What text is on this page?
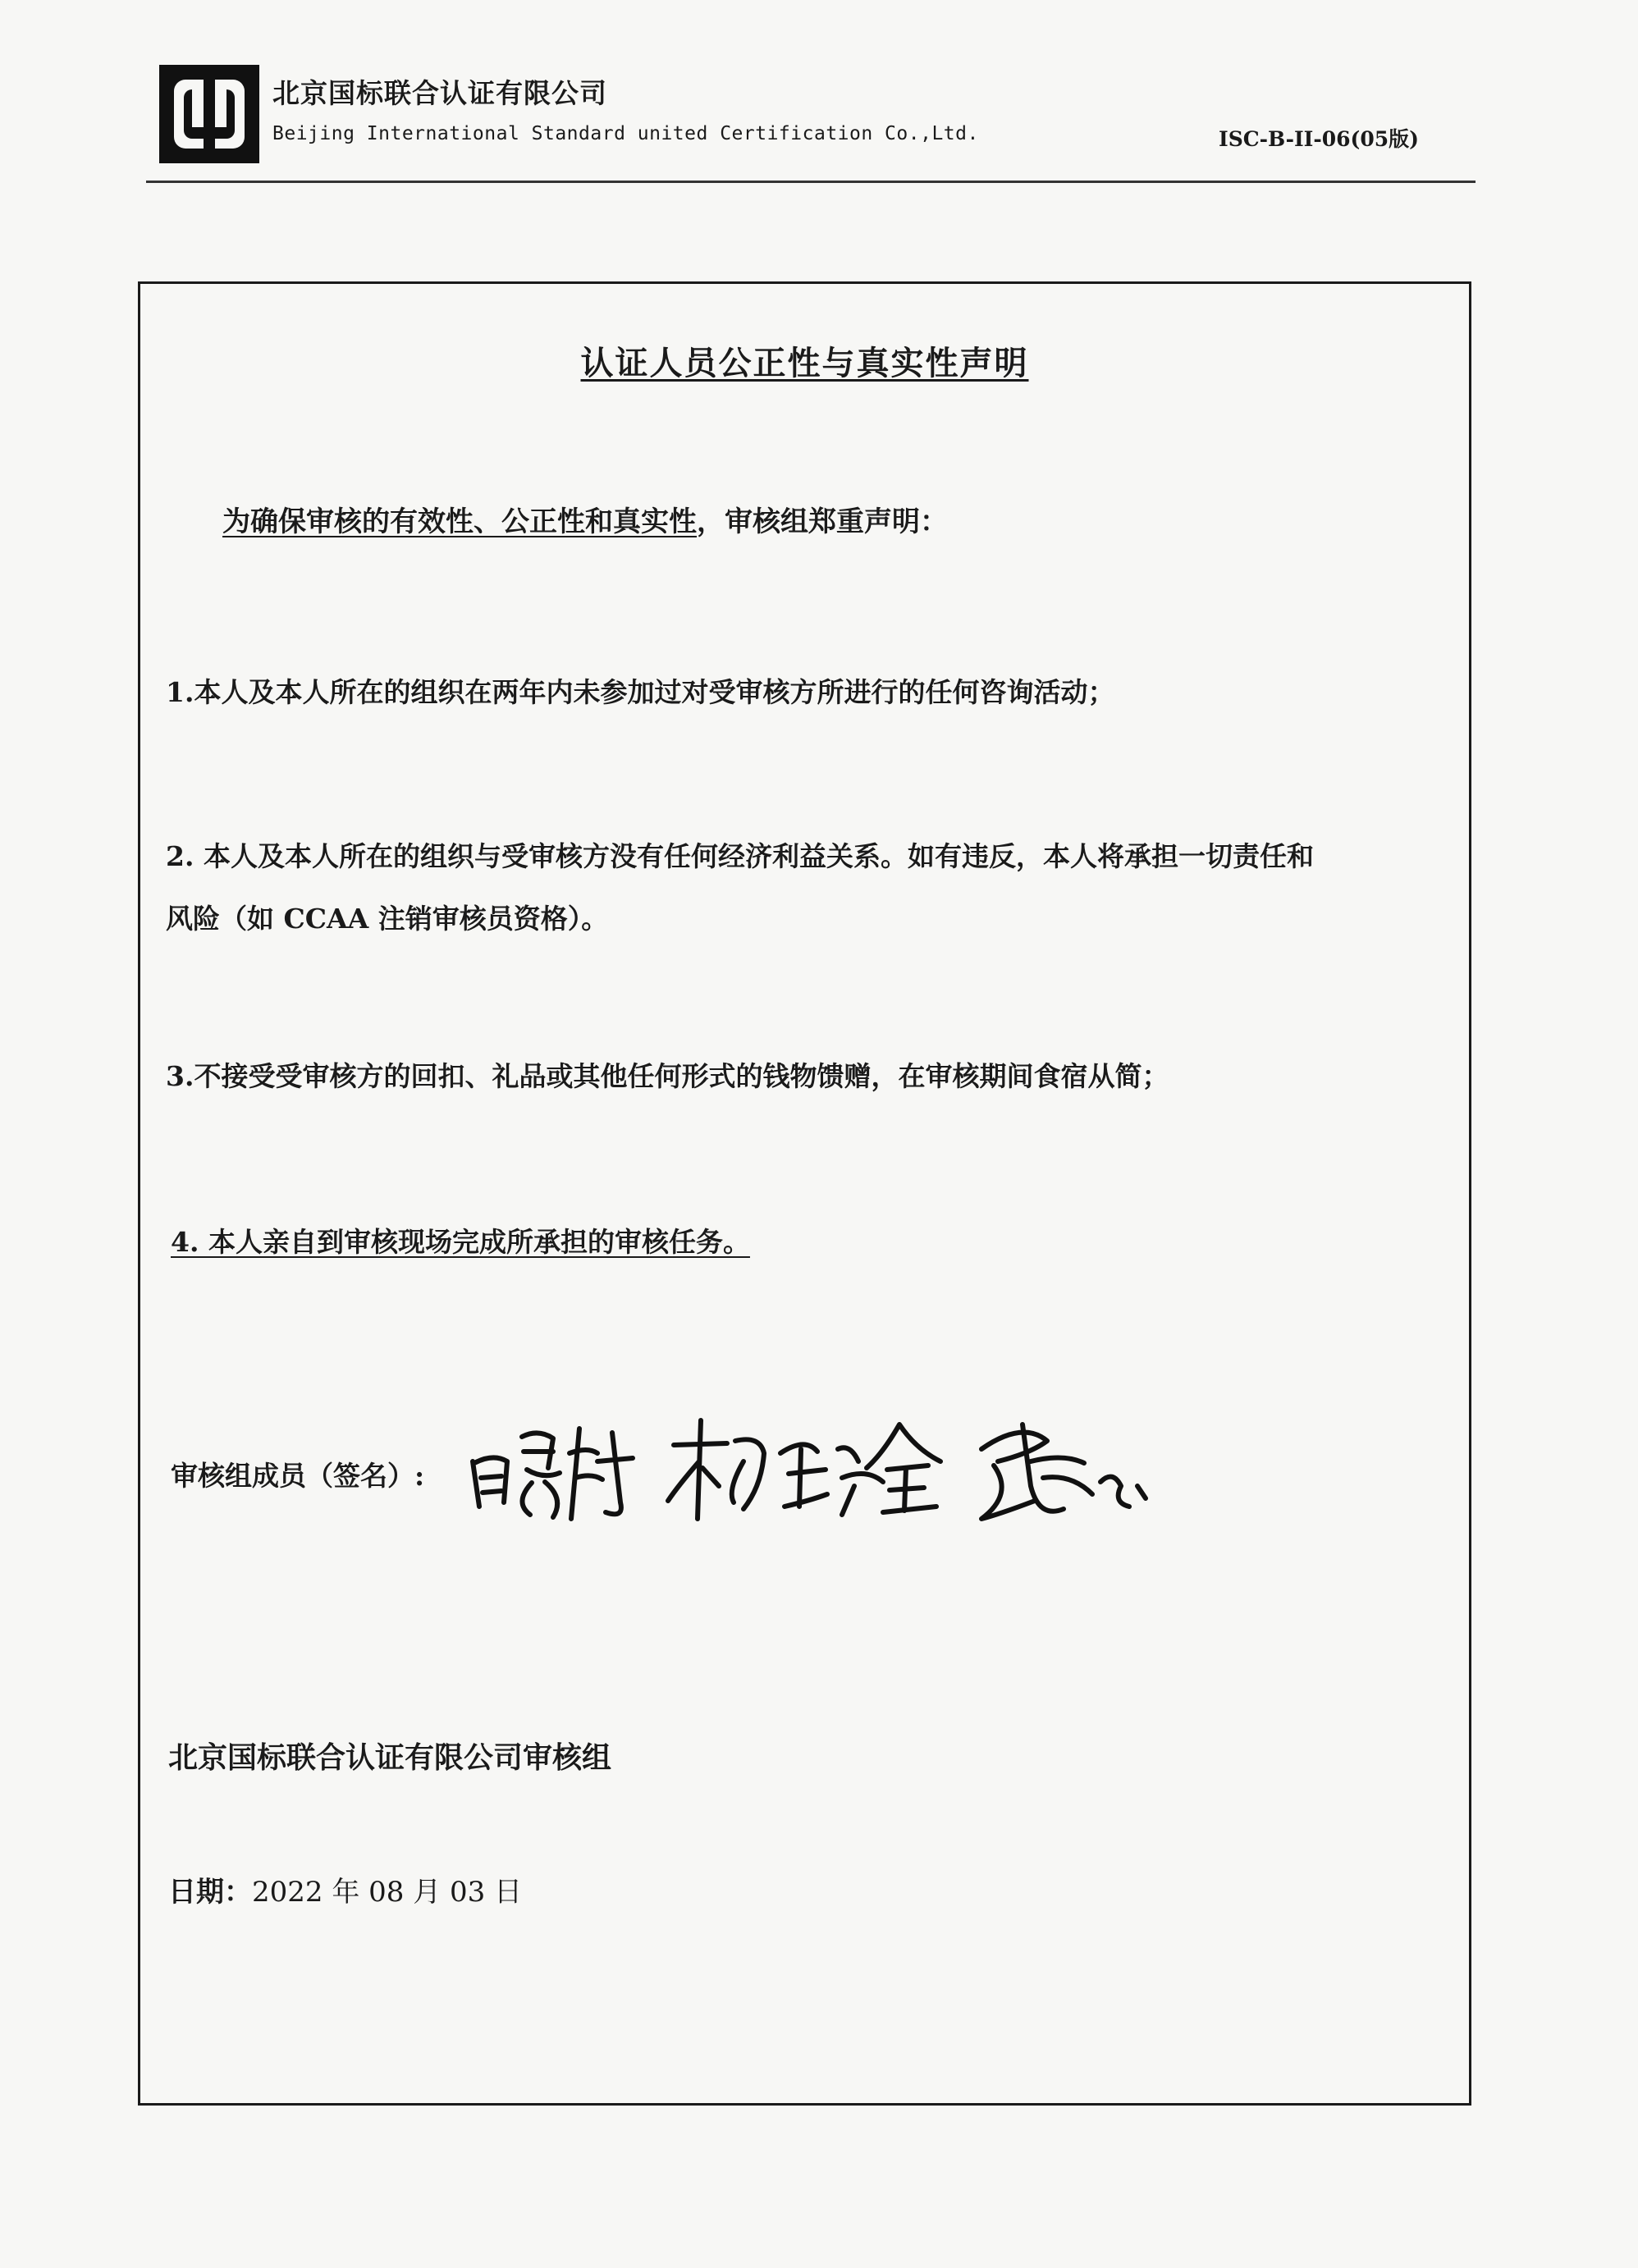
北京国标联合认证有限公司
Beijing International Standard united Certification Co.,Ltd.	ISC-B-II-06(05版)
认证人员公正性与真实性声明
为确保审核的有效性、公正性和真实性，审核组郑重声明：
1.本人及本人所在的组织在两年内未参加过对受审核方所进行的任何咨询活动；
2. 本人及本人所在的组织与受审核方没有任何经济利益关系。如有违反，本人将承担一切责任和
风险（如 CCAA 注销审核员资格）。
3.不接受受审核方的回扣、礼品或其他任何形式的钱物馈赠，在审核期间食宿从简；
4. 本人亲自到审核现场完成所承担的审核任务。
审核组成员（签名）:
北京国标联合认证有限公司审核组
日期：2022 年 08 月 03 日
